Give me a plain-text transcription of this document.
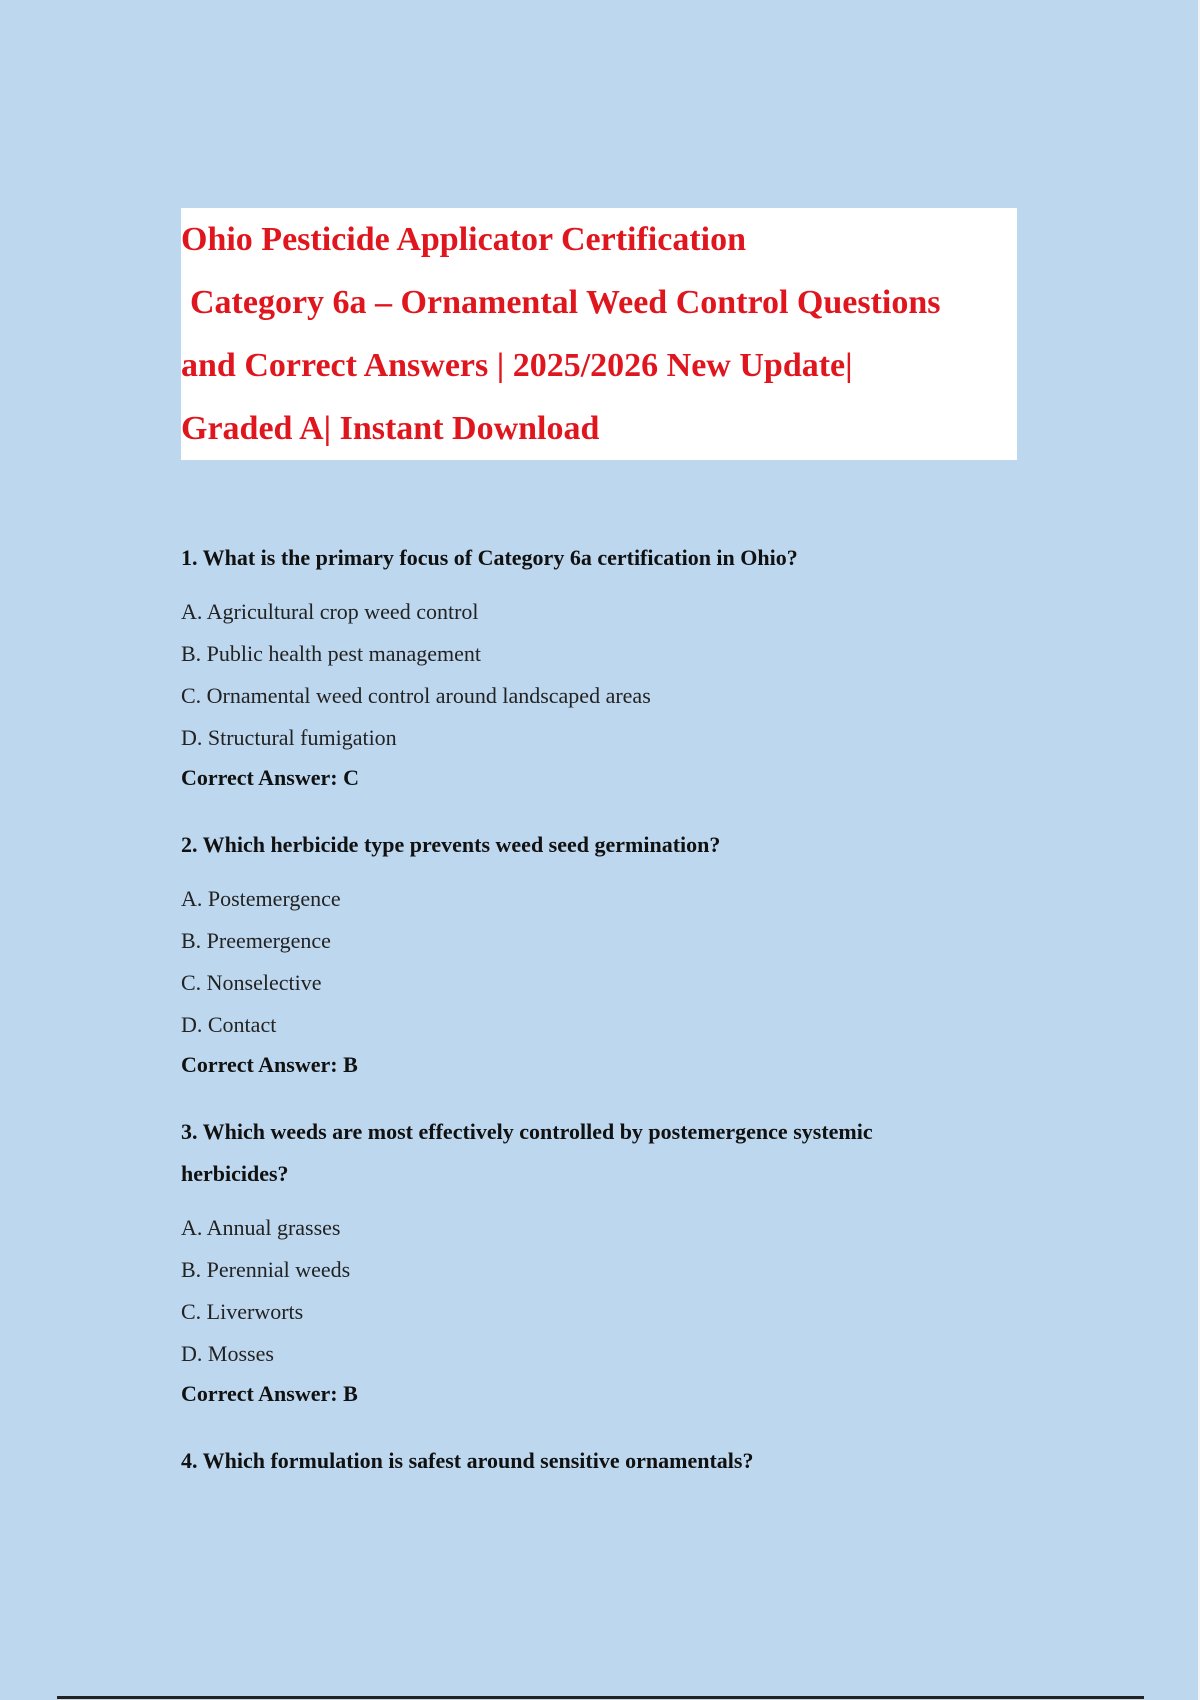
Ohio Pesticide Applicator Certification
Category 6a – Ornamental Weed Control Questions
and Correct Answers | 2025/2026 New Update|
Graded A| Instant Download

1. What is the primary focus of Category 6a certification in Ohio?

A. Agricultural crop weed control
B. Public health pest management
C. Ornamental weed control around landscaped areas
D. Structural fumigation
Correct Answer: C

2. Which herbicide type prevents weed seed germination?

A. Postemergence
B. Preemergence
C. Nonselective
D. Contact
Correct Answer: B

3. Which weeds are most effectively controlled by postemergence systemic

herbicides?

A. Annual grasses
B. Perennial weeds
C. Liverworts
D. Mosses
Correct Answer: B

4. Which formulation is safest around sensitive ornamentals?
